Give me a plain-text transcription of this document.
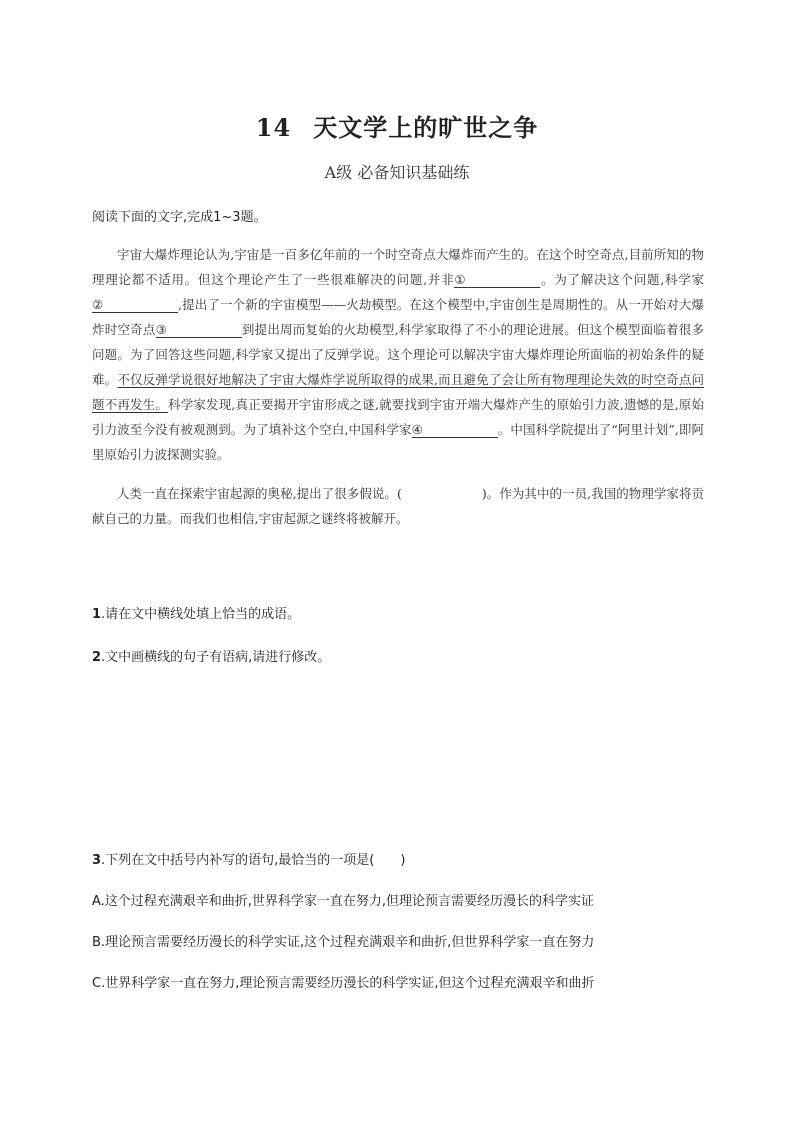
14 天文学上的旷世之争
A级 必备知识基础练
阅读下面的文字,完成1~3题。

宇宙大爆炸理论认为,宇宙是一百多亿年前的一个时空奇点大爆炸而产生的。在这个时空奇点,目前所知的物理理论都不适用。但这个理论产生了一些很难解决的问题,并非①	。为了解决这个问题,科学家②	,提出了一个新的宇宙模型——火劫模型。在这个模型中,宇宙创生是周期性的。从一开始对大爆炸时空奇点③	到提出周而复始的火劫模型,科学家取得了不小的理论进展。但这个模型面临着很多问题。为了回答这些问题,科学家又提出了反弹学说。这个理论可以解决宇宙大爆炸理论所面临的初始条件的疑难。不仅反弹学说很好地解决了宇宙大爆炸学说所取得的成果,而且避免了会让所有物理理论失效的时空奇点问题不再发生。科学家发现,真正要揭开宇宙形成之谜,就要找到宇宙开端大爆炸产生的原始引力波,遗憾的是,原始引力波至今没有被观测到。为了填补这个空白,中国科学家④	。中国科学院提出了“阿里计划”,即阿里原始引力波探测实验。

人类一直在探索宇宙起源的奥秘,提出了很多假说。(	)。作为其中的一员,我国的物理学家将贡献自己的力量。而我们也相信,宇宙起源之谜终将被解开。

1.请在文中横线处填上恰当的成语。
2.文中画横线的句子有语病,请进行修改。
3.下列在文中括号内补写的语句,最恰当的一项是(　　)
A.这个过程充满艰辛和曲折,世界科学家一直在努力,但理论预言需要经历漫长的科学实证
B.理论预言需要经历漫长的科学实证,这个过程充满艰辛和曲折,但世界科学家一直在努力
C.世界科学家一直在努力,理论预言需要经历漫长的科学实证,但这个过程充满艰辛和曲折
